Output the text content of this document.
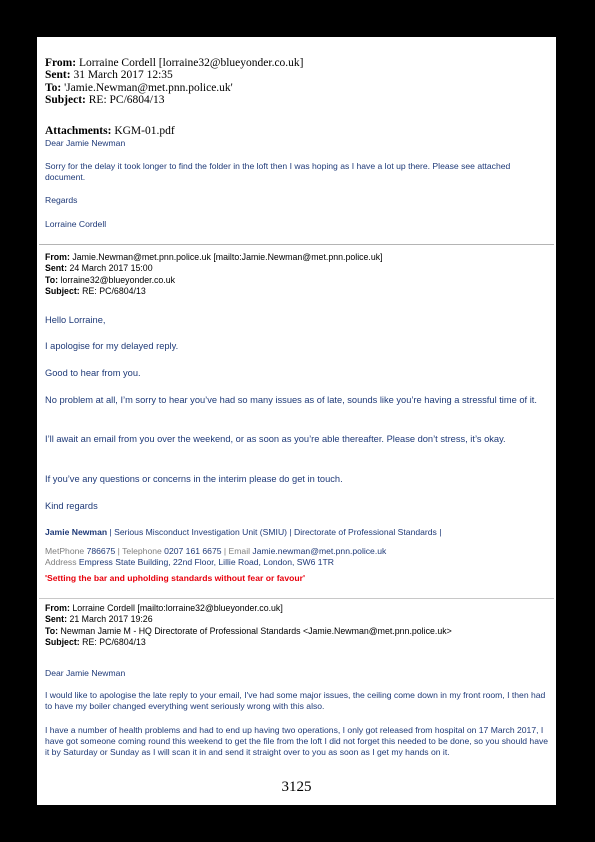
From: Lorraine Cordell [lorraine32@blueyonder.co.uk]
Sent: 31 March 2017 12:35
To: 'Jamie.Newman@met.pnn.police.uk'
Subject: RE: PC/6804/13
Attachments: KGM-01.pdf
Dear Jamie Newman
Sorry for the delay it took longer to find the folder in the loft then I was hoping as I have a lot up there. Please see attached document.
Regards
Lorraine Cordell
From: Jamie.Newman@met.pnn.police.uk [mailto:Jamie.Newman@met.pnn.police.uk]
Sent: 24 March 2017 15:00
To: lorraine32@blueyonder.co.uk
Subject: RE: PC/6804/13
Hello Lorraine,
I apologise for my delayed reply.
Good to hear from you.
No problem at all, I’m sorry to hear you’ve had so many issues as of late, sounds like you’re having a stressful time of it.
I’ll await an email from you over the weekend, or as soon as you’re able thereafter. Please don’t stress, it’s okay.
If you’ve any questions or concerns in the interim please do get in touch.
Kind regards
Jamie Newman | Serious Misconduct Investigation Unit (SMIU) | Directorate of Professional Standards |
MetPhone 786675 | Telephone 0207 161 6675 | Email Jamie.newman@met.pnn.police.uk
Address Empress State Building, 22nd Floor, Lillie Road, London, SW6 1TR
'Setting the bar and upholding standards without fear or favour'
From: Lorraine Cordell [mailto:lorraine32@blueyonder.co.uk]
Sent: 21 March 2017 19:26
To: Newman Jamie M - HQ Directorate of Professional Standards <Jamie.Newman@met.pnn.police.uk>
Subject: RE: PC/6804/13
Dear Jamie Newman
I would like to apologise the late reply to your email, I've had some major issues, the ceiling come down in my front room, I then had to have my boiler changed everything went seriously wrong with this also.
I have a number of health problems and had to end up having two operations, I only got released from hospital on 17 March 2017, I have got someone coming round this weekend to get the file from the loft I did not forget this needed to be done, so you should have it by Saturday or Sunday as I will scan it in and send it straight over to you as soon as I get my hands on it.
3125
